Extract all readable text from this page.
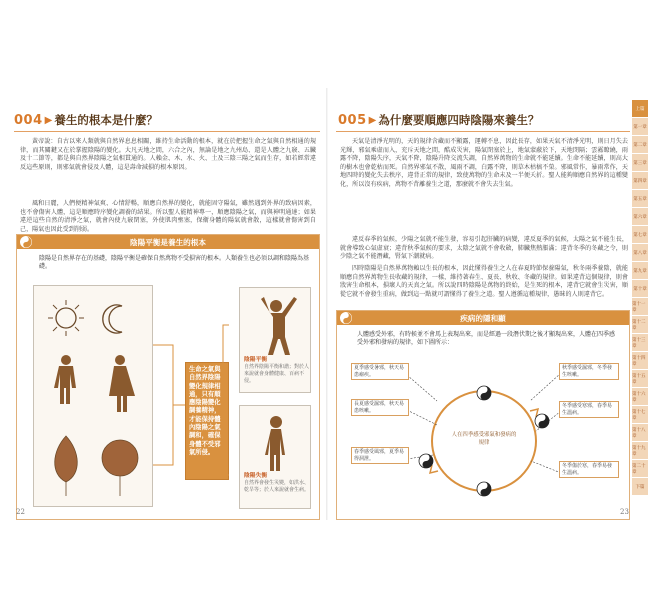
004 ▶ 養生的根本是什麼？
黃帝說：自古以來人類就與自然界息息相關，維持生命活動的根本，就在於把握生命之氣與自然相通的規律，而其關鍵又在於掌握陰陽的變化。大凡天地之間，六合之內，無論是地之九州島、還是人體之九竅、五臟及十二節等，都是與自然界陰陽之氣相貫通的。人賴金、木、水、火、土及三陰三陽之氣而生存，如若經常違反這些原則，則邪氣就會侵及人體，這是壽命減損的根本原因。
風和日麗，人們便精神氣爽、心情舒暢，順應自然界的變化，就能固守陽氣，雖然遇到外界的致病因素，也不會傷害人體，這是順應時序變化調養的結果。所以聖人能精神專一，順應陰陽之氣，而與神明通達；如果違逆這些自然的清淨之氣，就會內使九竅閉塞，外使肌肉壅塞，保衛身體的陽氣就會散，這樣就會傷害到自己，陽氣也因此受到削弱。
陰陽平衡是養生的根本
陰陽是自然界存在的基礎，陰陽平衡是確保自然萬物不受損害的根本。人類養生也必須以調和陰陽為基礎。
生命之氣與自然界陰陽變化規律相通，只有順應陰陽變化調養精神，才能保持體內陰陽之氣調和，確保身體不受邪氣所侵。
陰陽平衡
自然界陰陽平衡和諧；對於人來說就會身體健康、百病不侵。
陰陽失衡
自然界會發生災變，如洪水、乾旱等；於人來說就會生病。
22
005 ▶ 為什麼要順應四時陰陽來養生？
天氣是清淨光明的，天的規律含藏而不顯露，運轉不息，因此長存，如果天氣不清淨光明，則日月失去光輝，邪氣乘虛而入，充斥天地之間，酷成災害，陽氣閉塞於上，地氣蒙蔽於下，天地閉隔；雲霧瞭繞，雨露不降，陰陽失序，天氣不降，陰陽升降交流失調，自然界萬物的生命就不能延續。生命不能延續，則高大的樹木也會乾枯而死。自然界邪氣不散，風雨不調，白露不降，則草木枯槁不榮。邪風常作，暴雨常作，天地四時的變化失去秩序，違背正常的規律，致使萬物的生命未及一半便夭折。聖人能夠順應自然界的這種變化，所以沒有疾病，萬物不背離養生之道，那麼就不會失去生氣。
違反春季的氣候，少陽之氣就不能生發，容易引起肝臟的病變，違反夏季的氣候，太陽之氣不能生長，就會導致心氣虛衰；違背秋季氣候的要求，太陰之氣就不會收斂，肺臟焦熱脹滿；違背冬季的冬藏之令，則少陰之氣不能潛藏，腎氣下潮就病。
四時陰陽是自然界萬物賴以生長的根本，因此懂得養生之人在春夏時節保養陽氣，秋冬兩季養陰，就能順應自然界萬物生長收藏的規律，一樣，維持著春生、夏長、秋收、冬藏的規律。如果違背這個規律，則會戕害生命根本，損壞人的天真之氣。所以說四時陰陽是萬物的終始，是生死的根本，違背它就會生災害，順從它就不會發生重病，做到這一點就可謂懂得了養生之道。聖人遵循這種規律，愚昧的人則違背它。
疾病的隱和顯
人體感受外邪，有時候並不會馬上表現出來，而是經過一段潛伏期之後才顯現出來，人體在四季感受外邪和發病的規律，如下圖所示：
人在四季感受邪氣和發病的規律
夏季感受暑邪，秋天易患瘧疾。
長夏感受濕邪，秋天易患咳嗽。
春季感受風邪，夏季易得洞泄。
秋季感受濕邪，冬季發生咳嗽。
冬季感受寒邪，春季易生溫病。
冬季傷於寒，春季易發生溫病。
23
上篇
第一章
第二章
第三章
第四章
第五章
第六章
第七章
第八章
第九章
第十章
第十一章
第十二章
第十三章
第十四章
第十五章
第十六章
第十七章
第十八章
第十九章
第二十章
下篇
